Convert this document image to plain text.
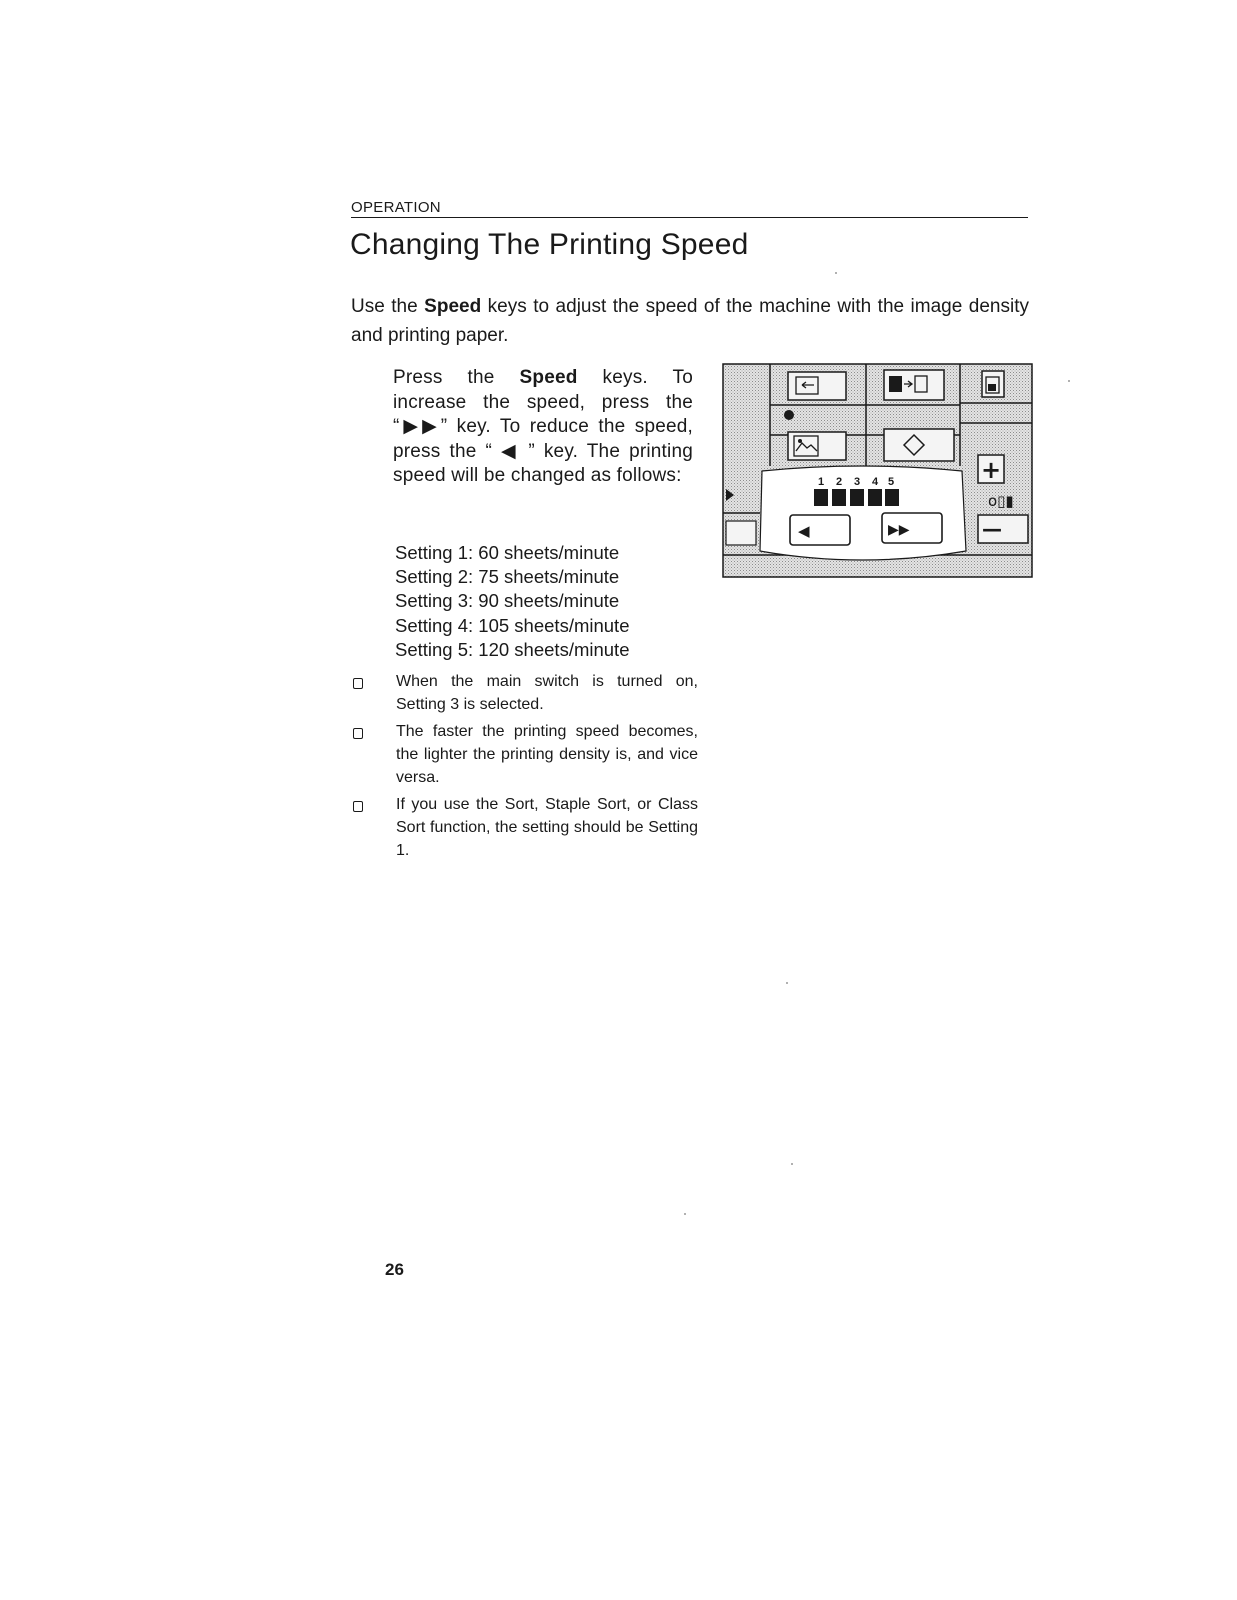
OPERATION
Changing The Printing Speed

Use the Speed keys to adjust the speed of the machine with the image density and printing paper.

Press the Speed keys. To increase the speed, press the “▶▶” key. To reduce the speed, press the “ ◀ ” key. The printing speed will be changed as follows:

Setting 1: 60 sheets/minute
Setting 2: 75 sheets/minute
Setting 3: 90 sheets/minute
Setting 4: 105 sheets/minute
Setting 5: 120 sheets/minute
When the main switch is turned on, Setting 3 is selected.
The faster the printing speed becomes, the lighter the printing density is, and vice versa.
If you use the Sort, Staple Sort, or Class Sort function, the setting should be Setting 1.
1 2 3 4 5
◀	▶▶
+
o▯▮
—
26
